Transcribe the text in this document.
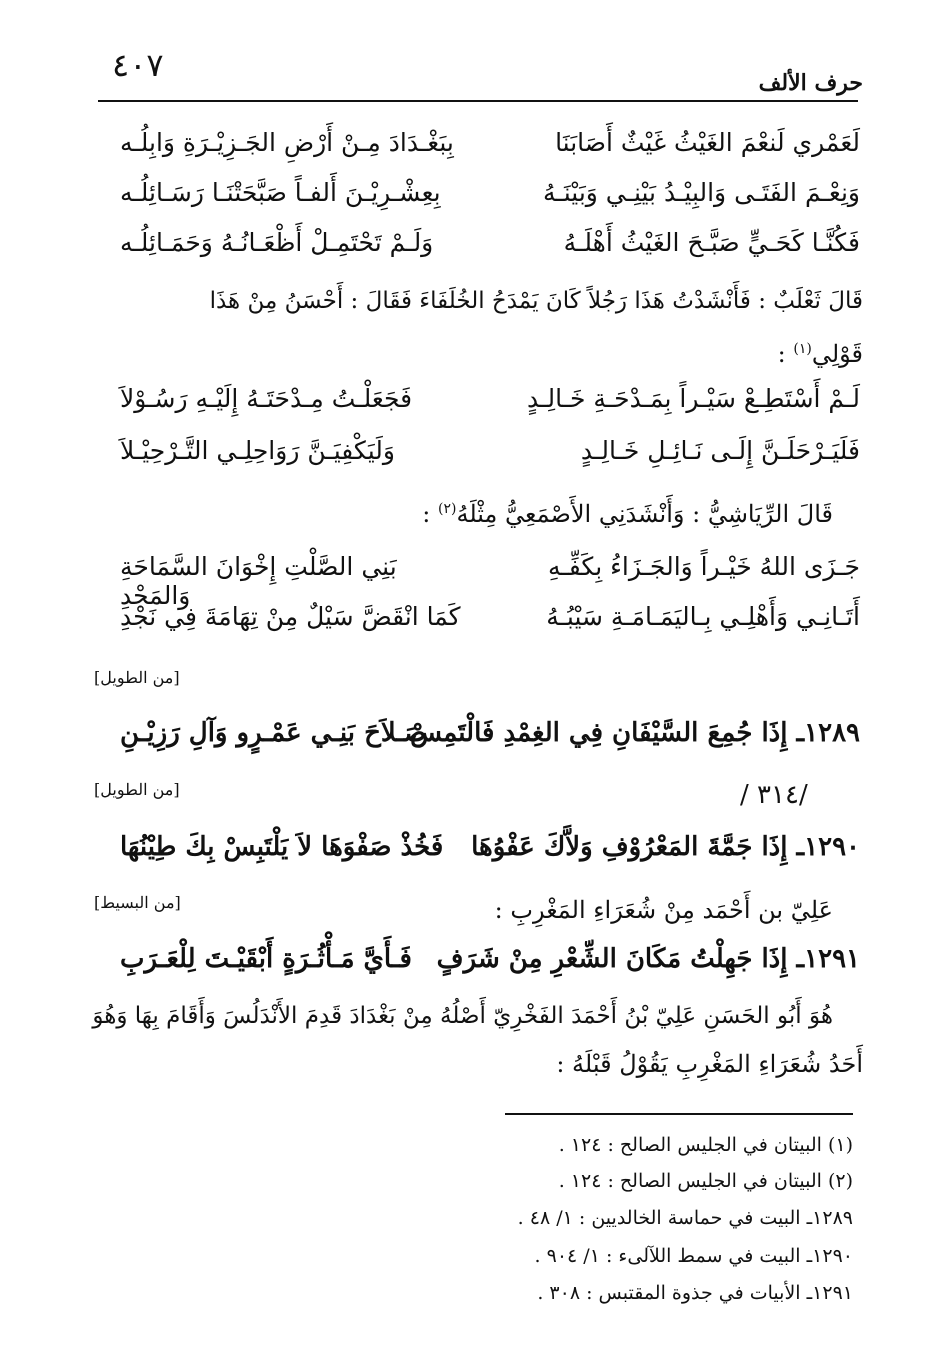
حرف الألف
٤٠٧
لَعَمْري لَنعْمَ الغَيْثُ غَيْثٌ أَصَابَنَا
بِبَغْـدَادَ مِـنْ أَرْضِ الجَـزِيْـرَةِ وَابِلُـه
وَنِعْـمَ الفَتَـى وَالبِيْـدُ بَيْنِـي وَبَيْنَـهُ
بِعِشْـرِيْـنَ أَلفـاً صَبَّحَتْنَـا رَسَـائِلُـه
فَكُنَّـا كَحَـيٍّ صَبَّـحَ الغَيْثُ أَهْلَـهُ
وَلَـمْ تَحْتَمِـلْ أَظْعَـانُـهُ وَحَمَـائِلُـه
قَالَ ثَعْلَبٌ : فَأَنْشَدْتُ هَذَا رَجُلاً كَانَ يَمْدَحُ الخُلَفَاءَ فَقَالَ : أَحْسَنُ مِنْ هَذَا
قَوْلِي$^{(١)}$ :
لَـمْ أَسْتَطِـعْ سَيْـراً بِمَـدْحَـةِ خَـالِـدٍ
فَجَعَلْـتُ مِـدْحَتَـهُ إِلَيْـهِ رَسُـوْلاَ
فَلَيَـرْحَلَـنَّ إِلَـى نَـائِـلِ خَـالِـدٍ
وَلَيَكْفِيَـنَّ رَوَاحِلِـي التَّـرْحِيْـلاَ
قَالَ الرِّيَاشِيُّ : وَأَنْشَدَنِي الأَصْمَعِيُّ مِثْلَهُ$^{(٢)}$ :
جَـزَى اللهُ خَيْـراً وَالجَـزَاءُ بِكَفِّـهِ
بَنِي الصَّلْتِ إِخْوَانَ السَّمَاحَةِ وَالمَجْدِ
أَتَـانِـي وَأَهْلِـي بِـاليَمَـامَـةِ سَيْبُـهُ
كَمَا انْقَضَّ سَيْلٌ مِنْ تِهَامَةَ فِي نَجْدِ
[من الطويل]
١٢٨٩ـ إِذَا جُمِعَ السَّيْفَانِ فِي الغِمْدِ فَالْتَمِسْ
صَـلاَحَ بَنِـي عَمْـرٍو وَآلِ رَزِيْـنِ
[من الطويل]	/ ٣١٤/
١٢٩٠ـ إِذَا جَمَّةَ المَعْرُوْفِ وَلاَّكَ عَفْوُهَا
فَخُذْ صَفْوَهَا لاَ يَلْتَبِسْ بِكَ طِيْنُهَا
[من البسيط]	عَلِيّ بن أَحْمَد مِنْ شُعَرَاءِ المَغْرِبِ :
١٢٩١ـ إِذَا جَهِلْتُ مَكَانَ الشِّعْرِ مِنْ شَرَفٍ
فَـأَيَّ مَـأْثُـرَةٍ أَبْقَيْـتَ لِلْعَـرَبِ
هُوَ أَبُو الحَسَنِ عَلِيّ بْنُ أَحْمَدَ الفَخْرِيّ أَصْلُهُ مِنْ بَغْدَادَ قَدِمَ الأَنْدَلُسَ وَأَقَامَ بِهَا وَهُوَ
أَحَدُ شُعَرَاءِ المَغْرِبِ يَقُوْلُ قَبْلَهُ :
(١) البيتان في الجليس الصالح : ١٢٤ .
(٢) البيتان في الجليس الصالح : ١٢٤ .
١٢٨٩ـ البيت في حماسة الخالديين : ١/ ٤٨ .
١٢٩٠ـ البيت في سمط اللآلىء : ١/ ٩٠٤ .
١٢٩١ـ الأبيات في جذوة المقتبس : ٣٠٨ .
